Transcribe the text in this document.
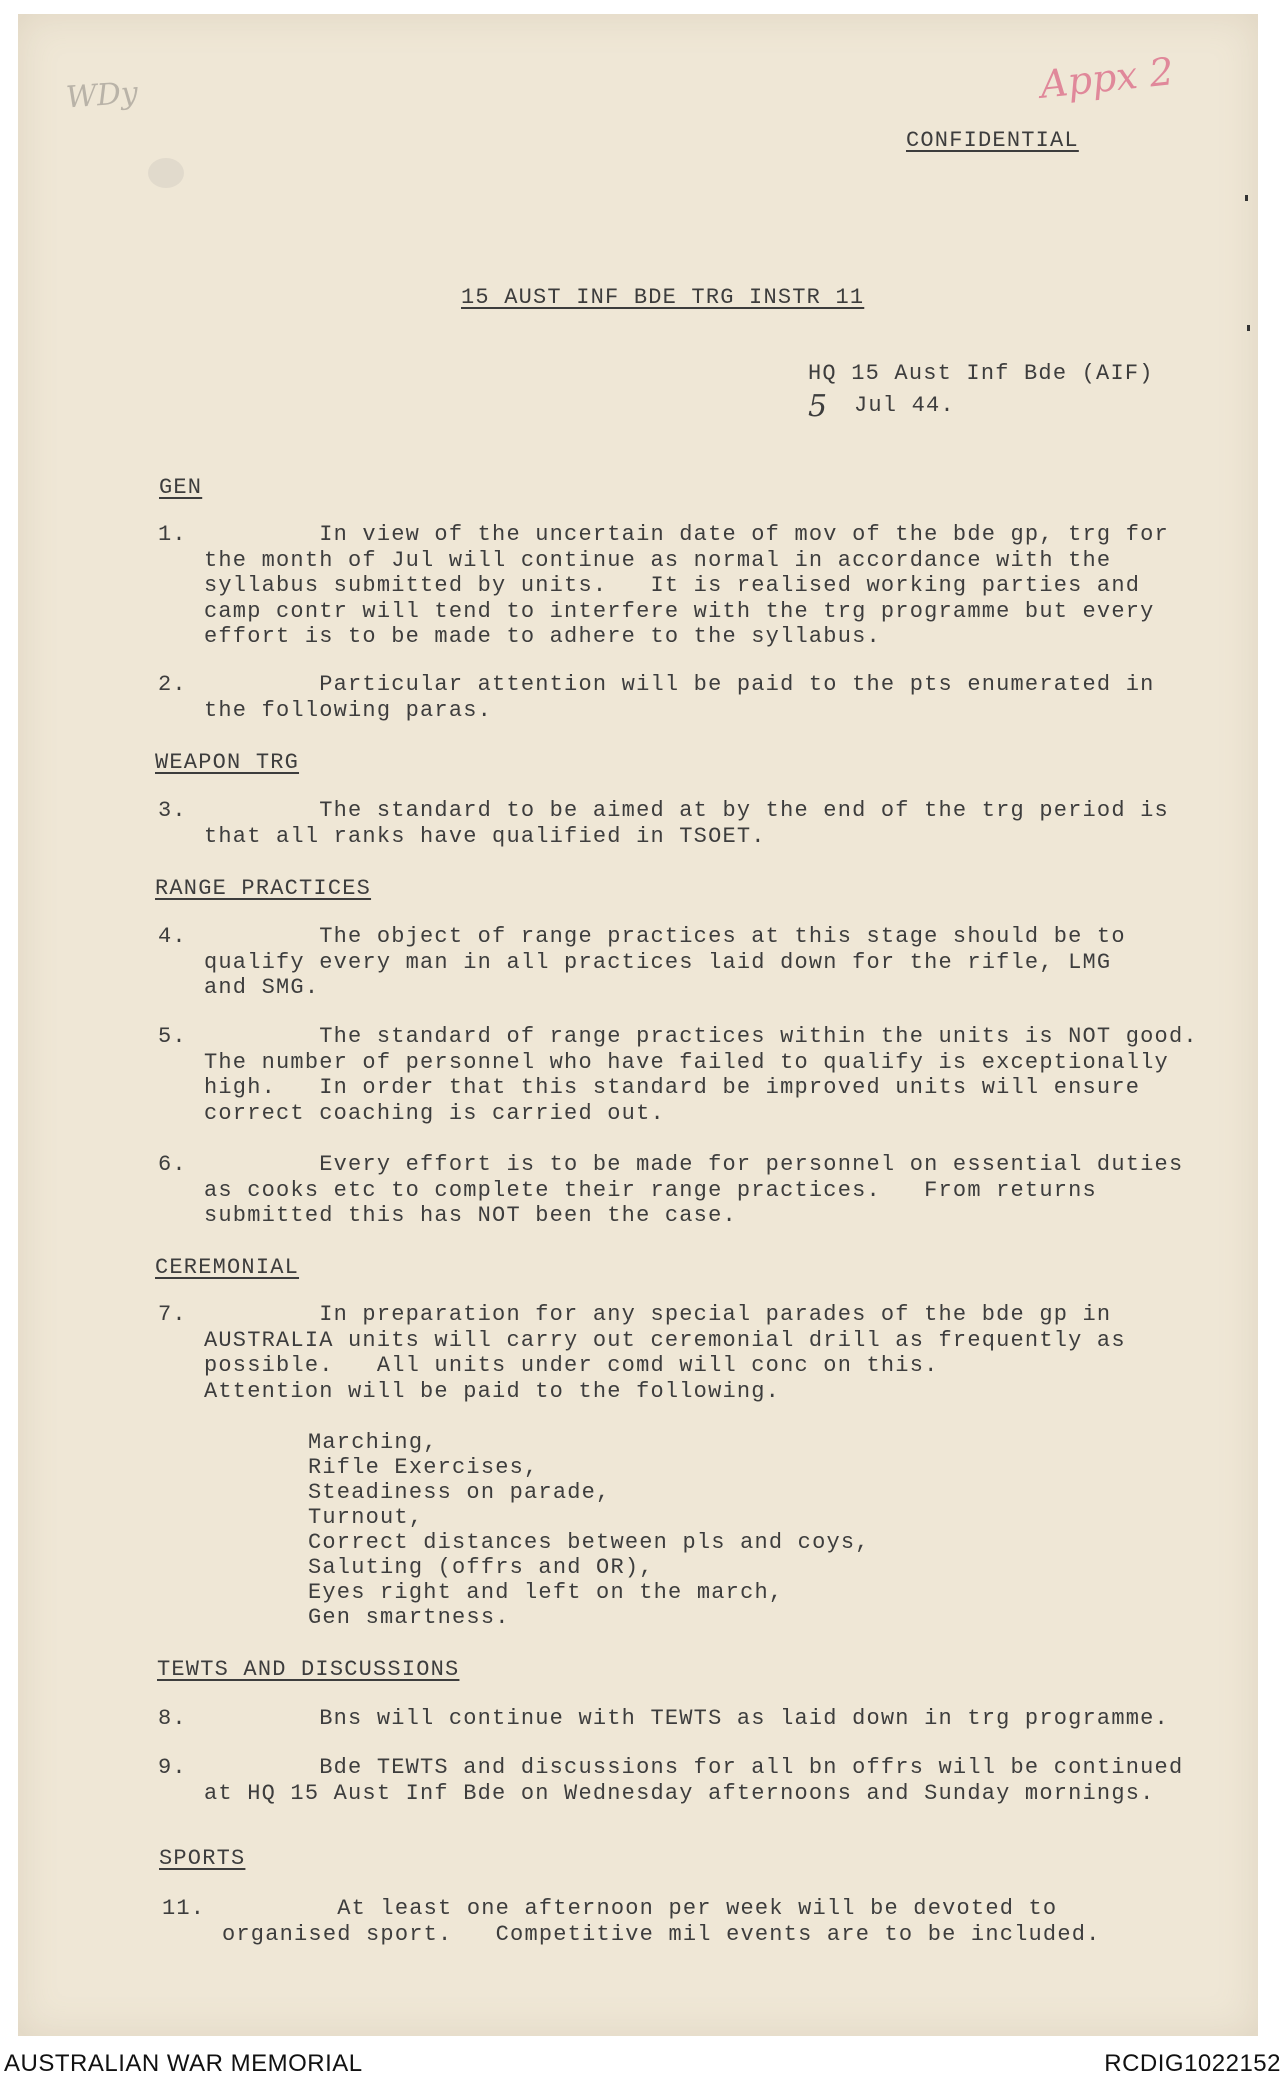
WDy	Appx 2
CONFIDENTIAL
15 AUST INF BDE TRG INSTR 11
HQ 15 Aust Inf Bde (AIF)
5 Jul 44.
GEN
1. In view of the uncertain date of mov of the bde gp, trg for
the month of Jul will continue as normal in accordance with the
syllabus submitted by units.   It is realised working parties and
camp contr will tend to interfere with the trg programme but every
effort is to be made to adhere to the syllabus.
2. Particular attention will be paid to the pts enumerated in
the following paras.
WEAPON TRG
3. The standard to be aimed at by the end of the trg period is
that all ranks have qualified in TSOET.
RANGE PRACTICES
4. The object of range practices at this stage should be to
qualify every man in all practices laid down for the rifle, LMG
and SMG.
5. The standard of range practices within the units is NOT good.
The number of personnel who have failed to qualify is exceptionally
high.   In order that this standard be improved units will ensure
correct coaching is carried out.
6. Every effort is to be made for personnel on essential duties
as cooks etc to complete their range practices.   From returns
submitted this has NOT been the case.
CEREMONIAL
7. In preparation for any special parades of the bde gp in
AUSTRALIA units will carry out ceremonial drill as frequently as
possible.   All units under comd will conc on this.
Attention will be paid to the following.
Marching,
Rifle Exercises,
Steadiness on parade,
Turnout,
Correct distances between pls and coys,
Saluting (offrs and OR),
Eyes right and left on the march,
Gen smartness.
TEWTS AND DISCUSSIONS
8. Bns will continue with TEWTS as laid down in trg programme.
9. Bde TEWTS and discussions for all bn offrs will be continued
at HQ 15 Aust Inf Bde on Wednesday afternoons and Sunday mornings.
SPORTS
11. At least one afternoon per week will be devoted to
organised sport.   Competitive mil events are to be included.
AUSTRALIAN WAR MEMORIAL	RCDIG1022152
